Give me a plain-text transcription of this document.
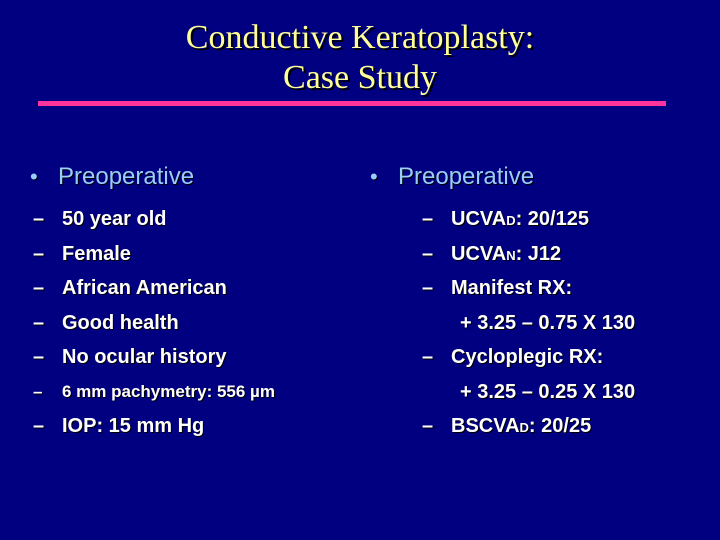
Conductive Keratoplasty:
Case Study
• Preoperative
– 50 year old
– Female
– African American
– Good health
– No ocular history
–	6 mm pachymetry: 556 µm
– IOP: 15 mm Hg
• Preoperative
– UCVA D : 20/125
– UCVA N : J12
– Manifest RX:
+ 3.25 – 0.75 X 130
– Cycloplegic RX:
+ 3.25 – 0.25 X 130
– BSCVA D : 20/25
